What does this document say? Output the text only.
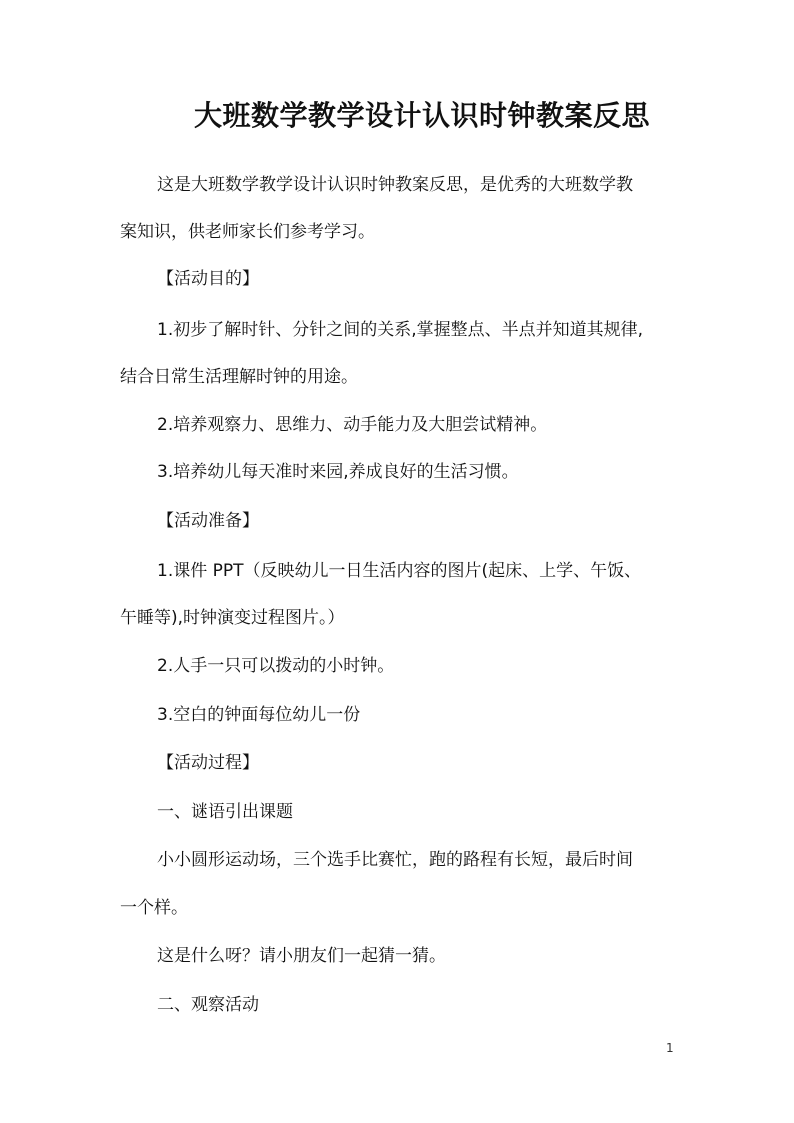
大班数学教学设计认识时钟教案反思
这是大班数学教学设计认识时钟教案反思，是优秀的大班数学教
案知识，供老师家长们参考学习。
【活动目的】
1.初步了解时针、分针之间的关系,掌握整点、半点并知道其规律,
结合日常生活理解时钟的用途。
2.培养观察力、思维力、动手能力及大胆尝试精神。
3.培养幼儿每天准时来园,养成良好的生活习惯。
【活动准备】
1.课件 PPT（反映幼儿一日生活内容的图片(起床、上学、午饭、
午睡等),时钟演变过程图片。）
2.人手一只可以拨动的小时钟。
3.空白的钟面每位幼儿一份
【活动过程】
一、谜语引出课题
小小圆形运动场，三个选手比赛忙，跑的路程有长短，最后时间
一个样。
这是什么呀？请小朋友们一起猜一猜。
二、观察活动
1
